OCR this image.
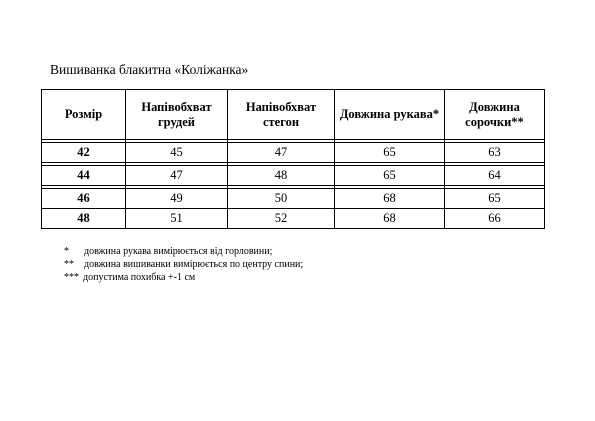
Вишиванка блакитна «Коліжанка»
Розмір	Напівобхват грудей	Напівобхват стегон	Довжина рукава*	Довжина сорочки**

42	45	47	65	63

44	47	48	65	64

46	49	50	68	65
48	51	52	68	66
* довжина рукава вимірюється від горловини;
** довжина вишиванки вимірюється по центру спини;
*** допустима похибка +-1 см
